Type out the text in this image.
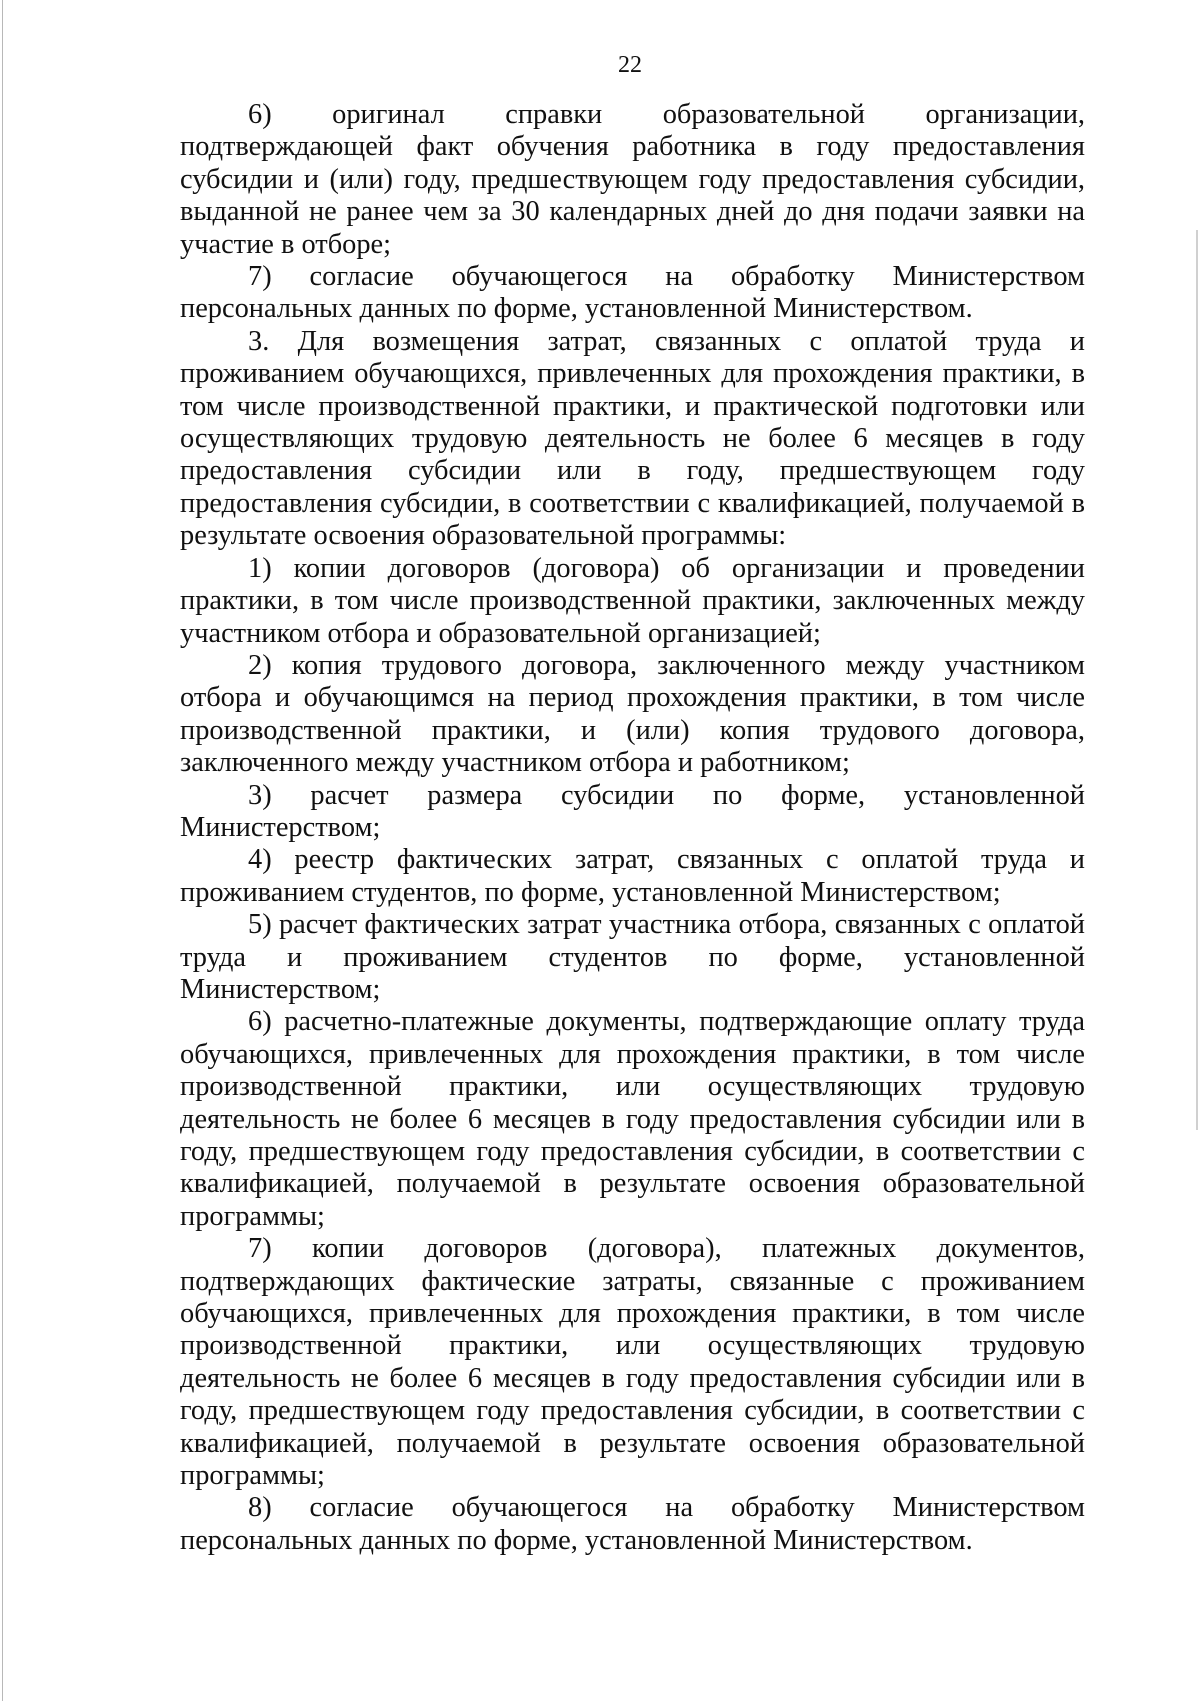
22

6) оригинал справки образовательной организации, подтверждающей факт обучения работника в году предоставления субсидии и (или) году, предшествующем году предоставления субсидии, выданной не ранее чем за 30 календарных дней до дня подачи заявки на участие в отборе;

7) согласие обучающегося на обработку Министерством персональных данных по форме, установленной Министерством.

3. Для возмещения затрат, связанных с оплатой труда и проживанием обучающихся, привлеченных для прохождения практики, в том числе производственной практики, и практической подготовки или осуществляющих трудовую деятельность не более 6 месяцев в году предоставления субсидии или в году, предшествующем году предоставления субсидии, в соответствии с квалификацией, получаемой в результате освоения образовательной программы:

1) копии договоров (договора) об организации и проведении практики, в том числе производственной практики, заключенных между участником отбора и образовательной организацией;

2) копия трудового договора, заключенного между участником отбора и обучающимся на период прохождения практики, в том числе производственной практики, и (или) копия трудового договора, заключенного между участником отбора и работником;

3) расчет размера субсидии по форме, установленной Министерством;

4) реестр фактических затрат, связанных с оплатой труда и проживанием студентов, по форме, установленной Министерством;

5) расчет фактических затрат участника отбора, связанных с оплатой труда и проживанием студентов по форме, установленной Министерством;

6) расчетно-платежные документы, подтверждающие оплату труда обучающихся, привлеченных для прохождения практики, в том числе производственной практики, или осуществляющих трудовую деятельность не более 6 месяцев в году предоставления субсидии или в году, предшествующем году предоставления субсидии, в соответствии с квалификацией, получаемой в результате освоения образовательной программы;

7) копии договоров (договора), платежных документов, подтверждающих фактические затраты, связанные с проживанием обучающихся, привлеченных для прохождения практики, в том числе производственной практики, или осуществляющих трудовую деятельность не более 6 месяцев в году предоставления субсидии или в году, предшествующем году предоставления субсидии, в соответствии с квалификацией, получаемой в результате освоения образовательной программы;

8) согласие обучающегося на обработку Министерством персональных данных по форме, установленной Министерством.
